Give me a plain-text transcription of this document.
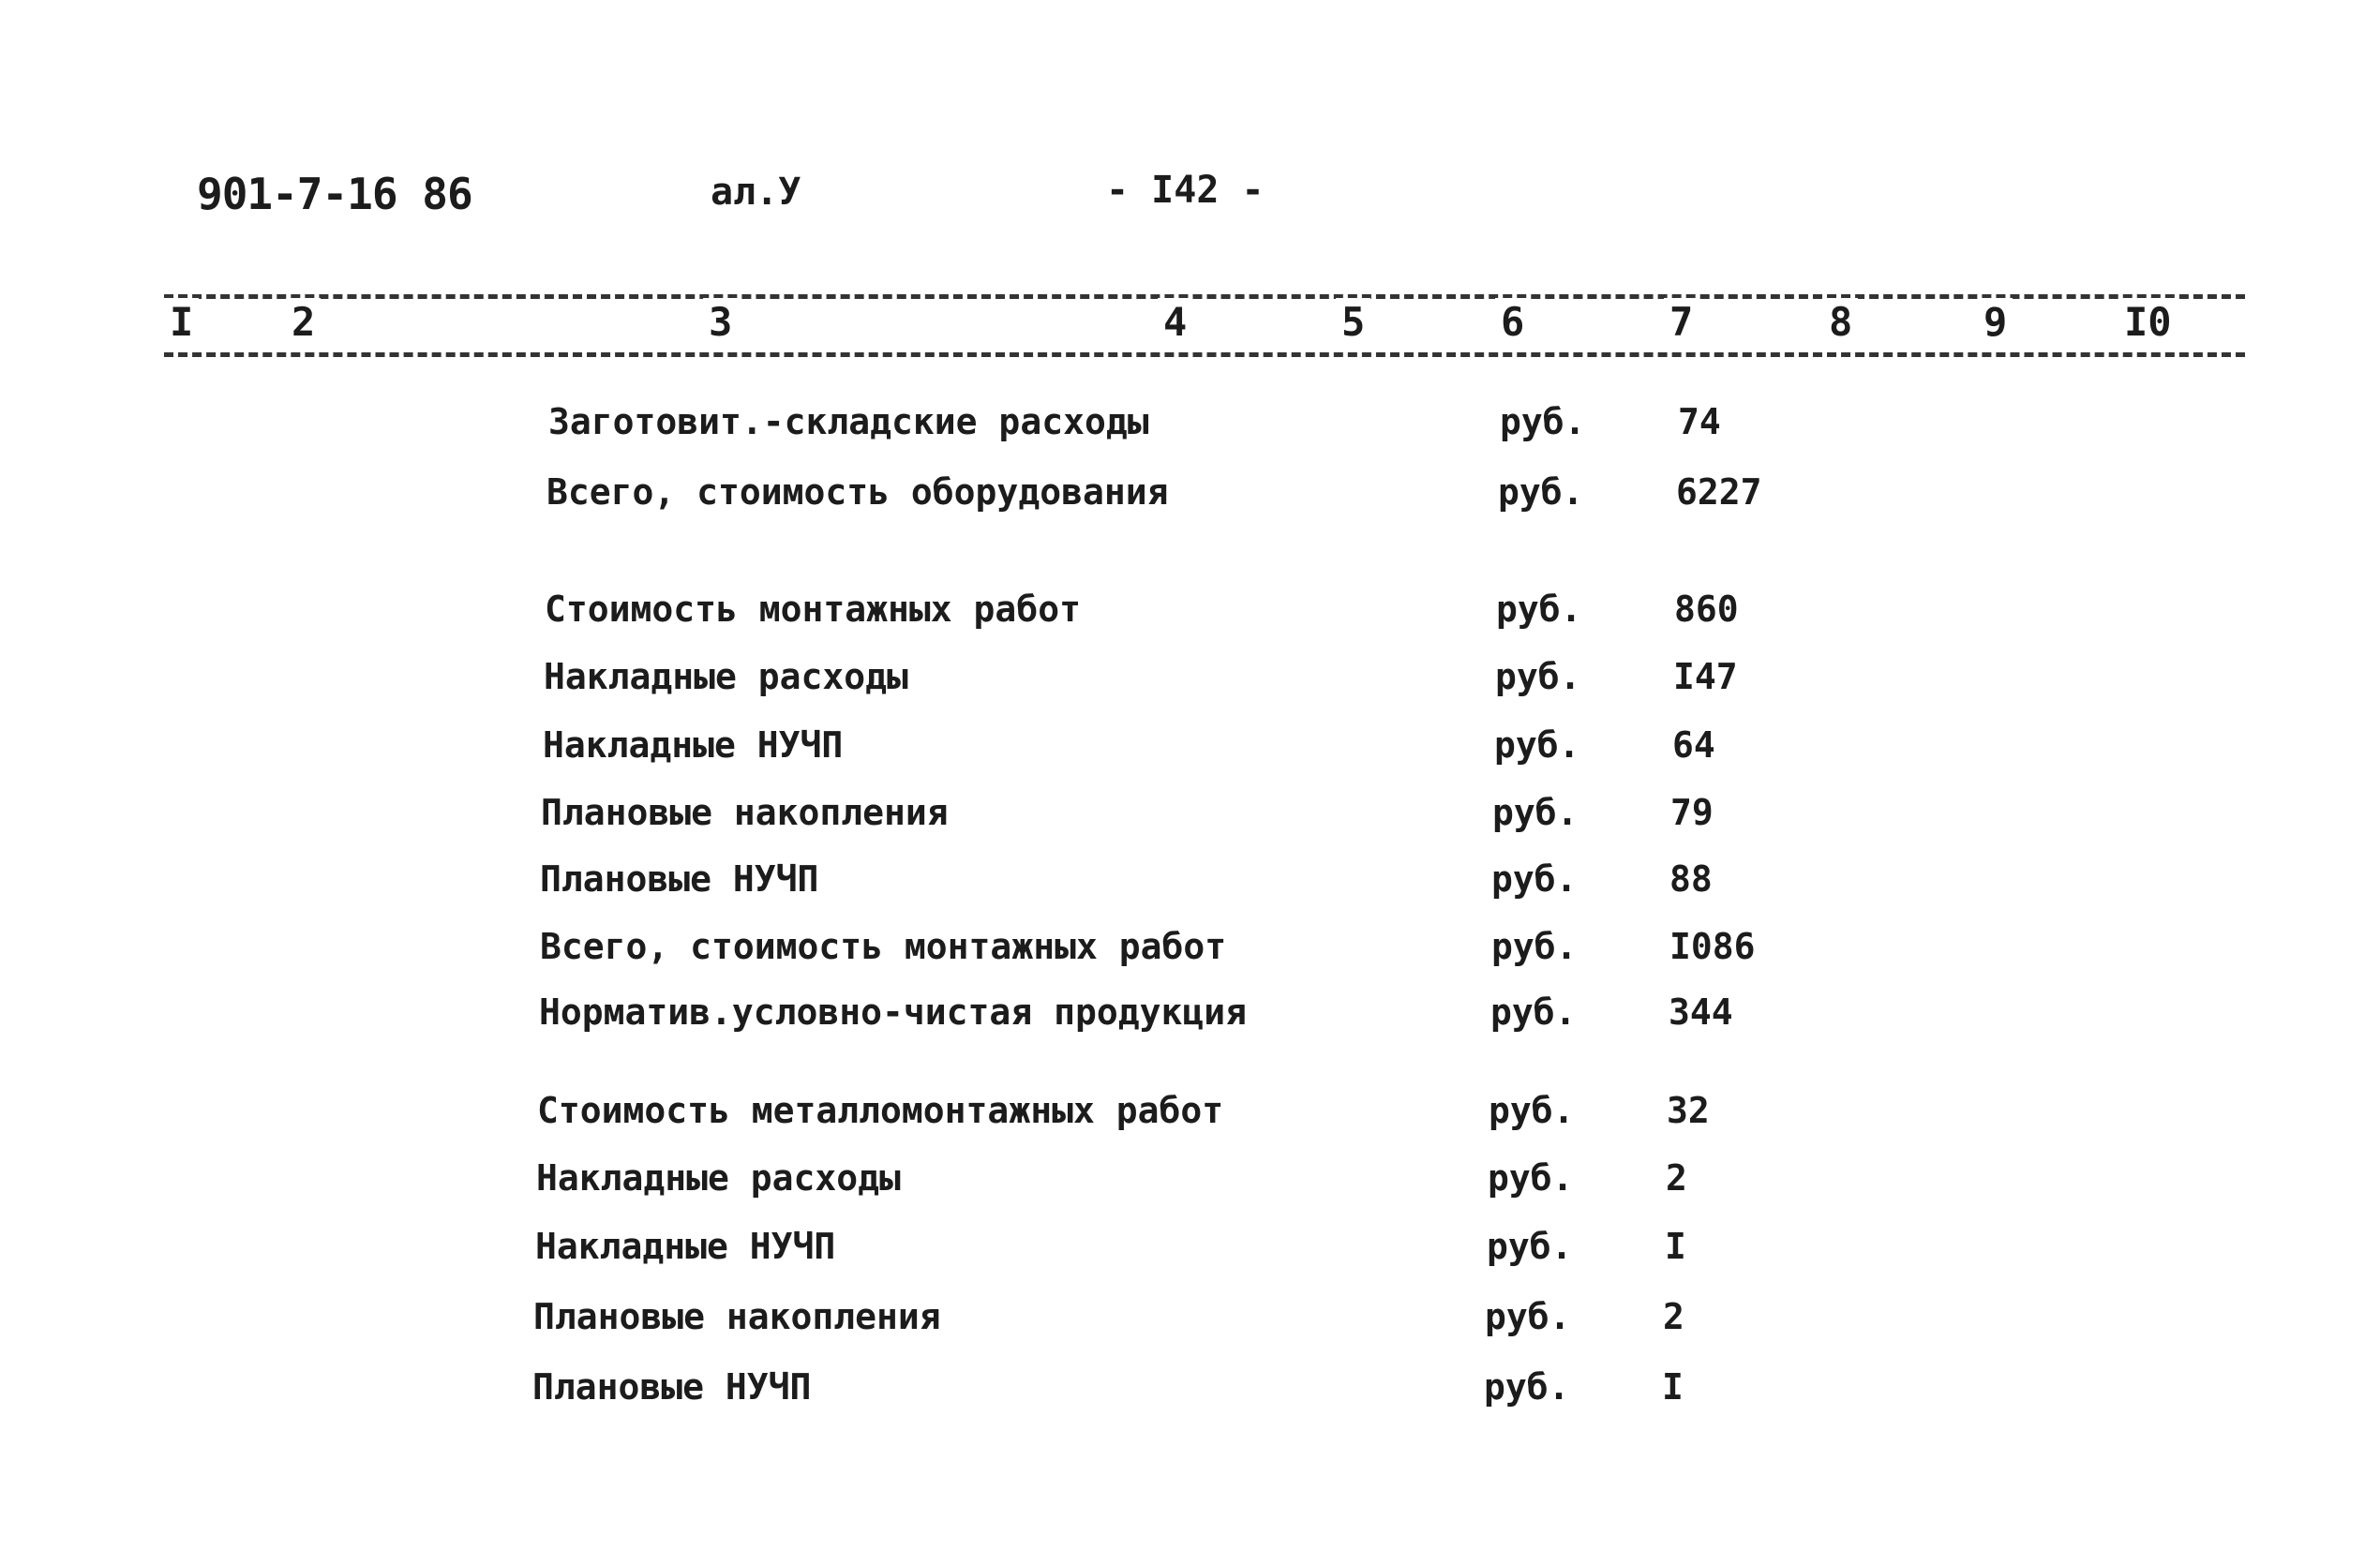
901-7-16 86	ал.У	- I42 -
I 2	3	4	5	6	7	8	9	I0
Заготовит.-складские расходы	руб.	74
Всего, стоимость оборудования	руб.	6227
Стоимость монтажных работ	руб.	860
Накладные расходы	руб.	I47
Накладные НУЧП	руб.	64
Плановые накопления	руб.	79
Плановые НУЧП	руб.	88
Всего, стоимость монтажных работ	руб.	I086
Норматив.условно-чистая продукция	руб.	344
Стоимость металломонтажных работ	руб.	32
Накладные расходы	руб.	2
Накладные НУЧП	руб.	I
Плановые накопления	руб.	2
Плановые НУЧП	руб.	I
